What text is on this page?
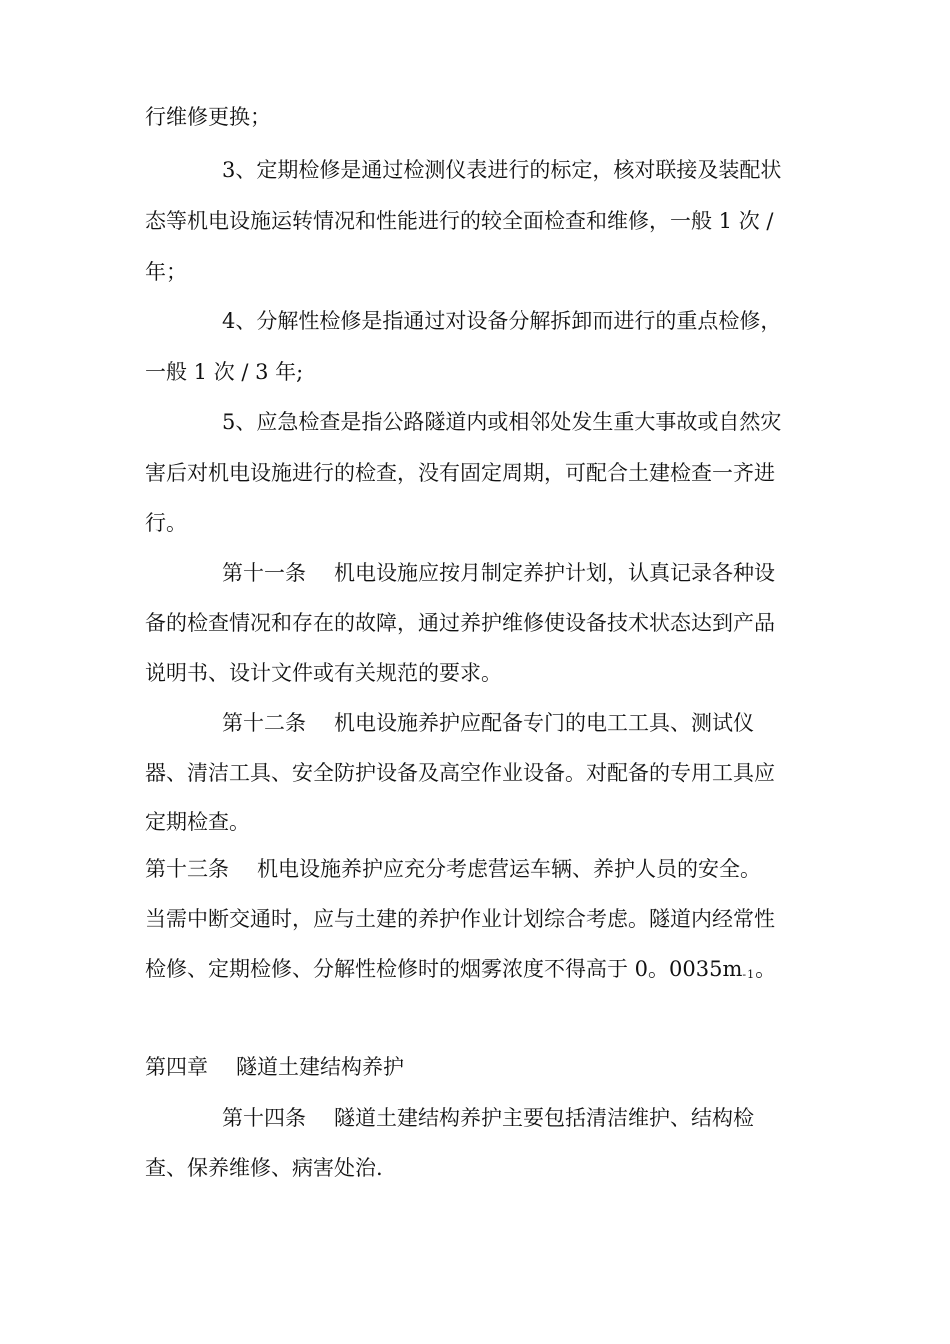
行维修更换；
3、定期检修是通过检测仪表进行的标定，核对联接及装配状
态等机电设施运转情况和性能进行的较全面检查和维修，一般 1 次 /
年；
4、分解性检修是指通过对设备分解拆卸而进行的重点检修，
一般 1 次 / 3 年;
5、应急检查是指公路隧道内或相邻处发生重大事故或自然灾
害后对机电设施进行的检查，没有固定周期，可配合土建检查一齐进
行。
第十一条 机电设施应按月制定养护计划，认真记录各种设
备的检查情况和存在的故障，通过养护维修使设备技术状态达到产品
说明书、设计文件或有关规范的要求。
第十二条 机电设施养护应配备专门的电工工具、测试仪
器、清洁工具、安全防护设备及高空作业设备。对配备的专用工具应
定期检查。
第十三条 机电设施养护应充分考虑营运车辆、养护人员的安全。
当需中断交通时，应与土建的养护作业计划综合考虑。隧道内经常性
检修、定期检修、分解性检修时的烟雾浓度不得高于 0。0035m-1。
第四章 隧道土建结构养护
第十四条 隧道土建结构养护主要包括清洁维护、结构检
查、保养维修、病害处治.
